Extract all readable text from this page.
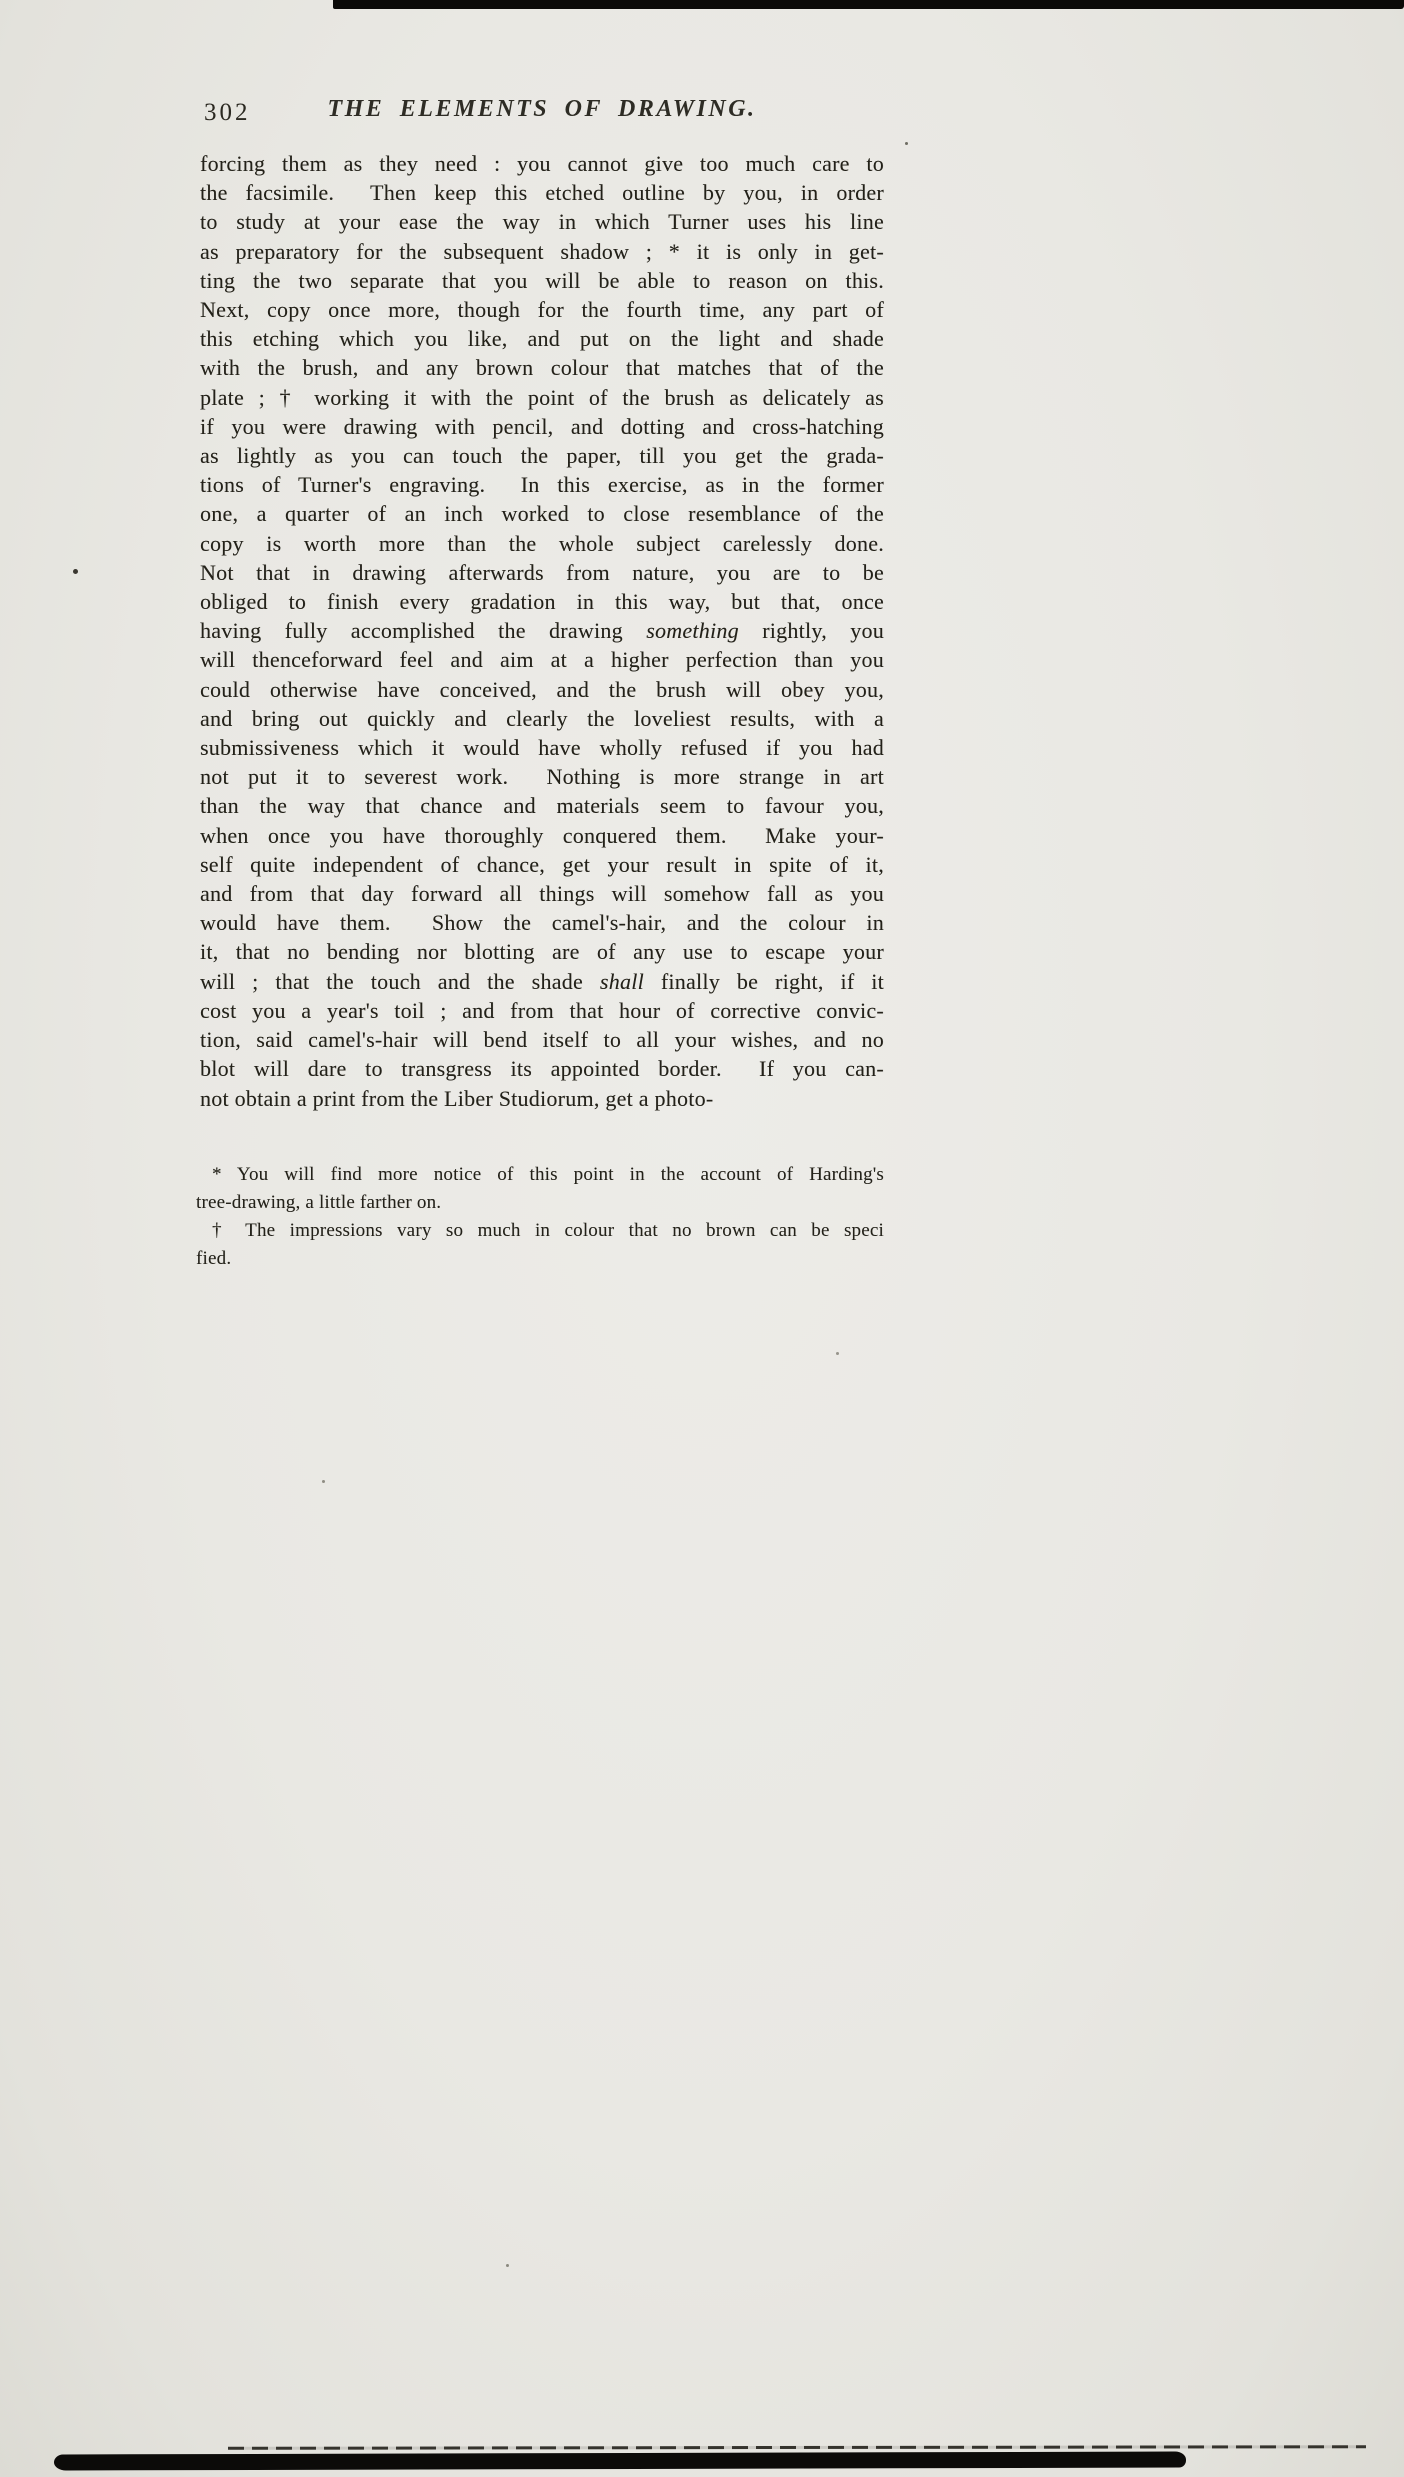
302	THE ELEMENTS OF DRAWING.
forcing them as they need : you cannot give too much care to
the facsimile.  Then keep this etched outline by you, in order
to study at your ease the way in which Turner uses his line
as preparatory for the subsequent shadow ; * it is only in get-
ting the two separate that you will be able to reason on this.
Next, copy once more, though for the fourth time, any part of
this etching which you like, and put on the light and shade
with the brush, and any brown colour that matches that of the
plate ; † working it with the point of the brush as delicately as
if you were drawing with pencil, and dotting and cross-hatching
as lightly as you can touch the paper, till you get the grada-
tions of Turner's engraving.  In this exercise, as in the former
one, a quarter of an inch worked to close resemblance of the
copy is worth more than the whole subject carelessly done.
Not that in drawing afterwards from nature, you are to be
obliged to finish every gradation in this way, but that, once
having fully accomplished the drawing something rightly, you
will thenceforward feel and aim at a higher perfection than you
could otherwise have conceived, and the brush will obey you,
and bring out quickly and clearly the loveliest results, with a
submissiveness which it would have wholly refused if you had
not put it to severest work.  Nothing is more strange in art
than the way that chance and materials seem to favour you,
when once you have thoroughly conquered them.  Make your-
self quite independent of chance, get your result in spite of it,
and from that day forward all things will somehow fall as you
would have them.  Show the camel's-hair, and the colour in
it, that no bending nor blotting are of any use to escape your
will ; that the touch and the shade shall finally be right, if it
cost you a year's toil ; and from that hour of corrective convic-
tion, said camel's-hair will bend itself to all your wishes, and no
blot will dare to transgress its appointed border.  If you can-
not obtain a print from the Liber Studiorum, get a photo-
* You will find more notice of this point in the account of Harding's
tree-drawing, a little farther on.
† The impressions vary so much in colour that no brown can be speci
fied.
